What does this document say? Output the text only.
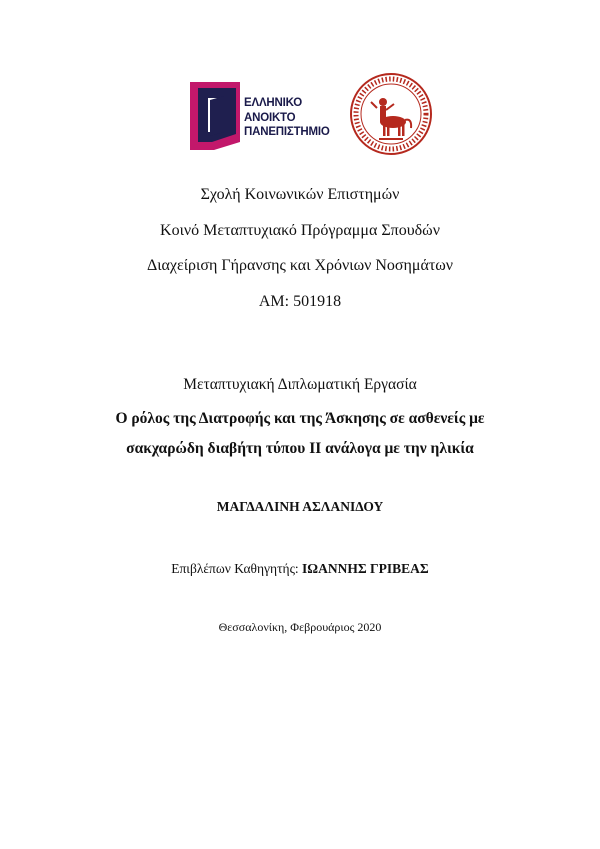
ΕΛΛΗΝΙΚΟ
ΑΝΟΙΚΤΟ
ΠΑΝΕΠΙΣΤΗΜΙΟ
Σχολή Κοινωνικών Επιστημών
Κοινό Μεταπτυχιακό Πρόγραμμα Σπουδών
Διαχείριση Γήρανσης και Χρόνιων Νοσημάτων
AM: 501918
Μεταπτυχιακή Διπλωματική Εργασία
Ο ρόλος της Διατροφής και της Άσκησης σε ασθενείς με
σακχαρώδη διαβήτη τύπου ΙΙ ανάλογα με την ηλικία
ΜΑΓΔΑΛΙΝΗ ΑΣΛΑΝΙΔΟΥ
Επιβλέπων Καθηγητής: ΙΩΑΝΝΗΣ ΓΡΙΒΕΑΣ
Θεσσαλονίκη, Φεβρουάριος 2020
